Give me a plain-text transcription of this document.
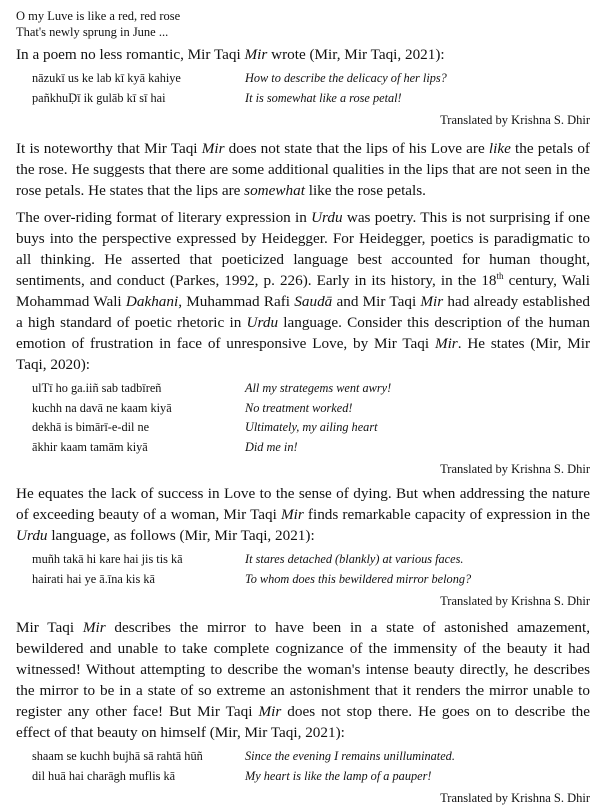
O my Luve is like a red, red rose
That's newly sprung in June ...

In a poem no less romantic, Mir Taqi Mir wrote (Mir, Mir Taqi, 2021):

nāzukī us ke lab kī kyā kahiye	How to describe the delicacy of her lips?
pañkhuḌī ik gulāb kī sī hai	It is somewhat like a rose petal!
Translated by Krishna S. Dhir

It is noteworthy that Mir Taqi Mir does not state that the lips of his Love are like the petals of the rose. He suggests that there are some additional qualities in the lips that are not seen in the rose petals. He states that the lips are somewhat like the rose petals.

The over-riding format of literary expression in Urdu was poetry. This is not surprising if one buys into the perspective expressed by Heidegger. For Heidegger, poetics is paradigmatic to all thinking. He asserted that poeticized language best accounted for human thought, sentiments, and conduct (Parkes, 1992, p. 226). Early in its history, in the 18th century, Wali Mohammad Wali Dakhani, Muhammad Rafi Saudā and Mir Taqi Mir had already established a high standard of poetic rhetoric in Urdu language. Consider this description of the human emotion of frustration in face of unresponsive Love, by Mir Taqi Mir. He states (Mir, Mir Taqi, 2020):

ulTī ho ga.iiñ sab tadbīreñ	All my strategems went awry!
kuchh na davā ne kaam kiyā	No treatment worked!
dekhā is bimārī-e-dil ne	Ultimately, my ailing heart
ākhir kaam tamām kiyā	Did me in!
Translated by Krishna S. Dhir

He equates the lack of success in Love to the sense of dying. But when addressing the nature of exceeding beauty of a woman, Mir Taqi Mir finds remarkable capacity of expression in the Urdu language, as follows (Mir, Mir Taqi, 2021):

muñh takā hi kare hai jis tis kā	It stares detached (blankly) at various faces.
hairati hai ye ā.īna kis kā	To whom does this bewildered mirror belong?
Translated by Krishna S. Dhir

Mir Taqi Mir describes the mirror to have been in a state of astonished amazement, bewildered and unable to take complete cognizance of the immensity of the beauty it had witnessed! Without attempting to describe the woman's intense beauty directly, he describes the mirror to be in a state of so extreme an astonishment that it renders the mirror unable to register any other face! But Mir Taqi Mir does not stop there. He goes on to describe the effect of that beauty on himself (Mir, Mir Taqi, 2021):

shaam se kuchh bujhā sā rahtā hūñ	Since the evening I remains unilluminated.
dil huā hai charāgh muflis kā	My heart is like the lamp of a pauper!
Translated by Krishna S. Dhir
